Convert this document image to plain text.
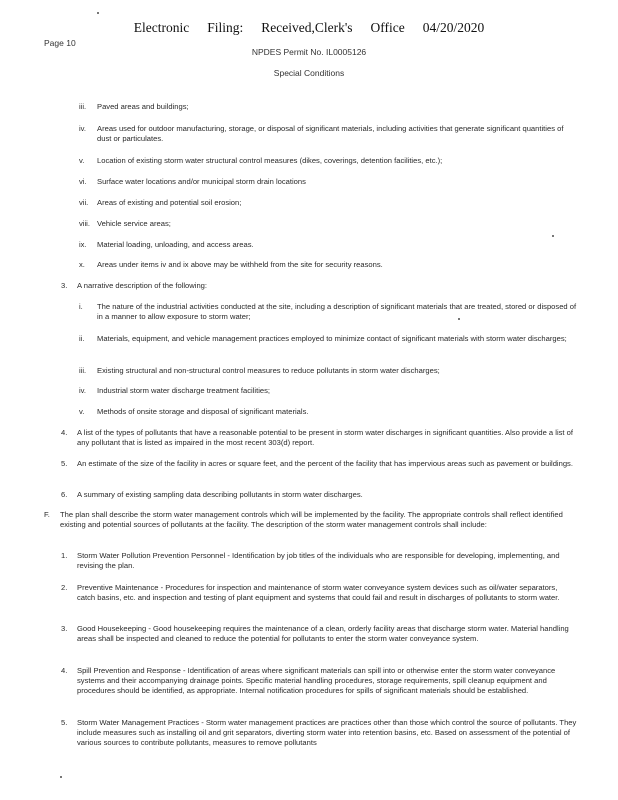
Electronic Filing: Received,Clerk's Office 04/20/2020
Page 10
NPDES Permit No. IL0005126
Special Conditions
iii. Paved areas and buildings;
iv. Areas used for outdoor manufacturing, storage, or disposal of significant materials, including activities that generate significant quantities of dust or particulates.
v. Location of existing storm water structural control measures (dikes, coverings, detention facilities, etc.);
vi. Surface water locations and/or municipal storm drain locations
vii. Areas of existing and potential soil erosion;
viii. Vehicle service areas;
ix. Material loading, unloading, and access areas.
x. Areas under items iv and ix above may be withheld from the site for security reasons.
3. A narrative description of the following:
i. The nature of the industrial activities conducted at the site, including a description of significant materials that are treated, stored or disposed of in a manner to allow exposure to storm water;
ii. Materials, equipment, and vehicle management practices employed to minimize contact of significant materials with storm water discharges;
iii. Existing structural and non-structural control measures to reduce pollutants in storm water discharges;
iv. Industrial storm water discharge treatment facilities;
v. Methods of onsite storage and disposal of significant materials.
4. A list of the types of pollutants that have a reasonable potential to be present in storm water discharges in significant quantities. Also provide a list of any pollutant that is listed as impaired in the most recent 303(d) report.
5. An estimate of the size of the facility in acres or square feet, and the percent of the facility that has impervious areas such as pavement or buildings.
6. A summary of existing sampling data describing pollutants in storm water discharges.
F. The plan shall describe the storm water management controls which will be implemented by the facility. The appropriate controls shall reflect identified existing and potential sources of pollutants at the facility. The description of the storm water management controls shall include:
1. Storm Water Pollution Prevention Personnel - Identification by job titles of the individuals who are responsible for developing, implementing, and revising the plan.
2. Preventive Maintenance - Procedures for inspection and maintenance of storm water conveyance system devices such as oil/water separators, catch basins, etc. and inspection and testing of plant equipment and systems that could fail and result in discharges of pollutants to storm water.
3. Good Housekeeping - Good housekeeping requires the maintenance of a clean, orderly facility areas that discharge storm water. Material handling areas shall be inspected and cleaned to reduce the potential for pollutants to enter the storm water conveyance system.
4. Spill Prevention and Response - Identification of areas where significant materials can spill into or otherwise enter the storm water conveyance systems and their accompanying drainage points. Specific material handling procedures, storage requirements, spill cleanup equipment and procedures should be identified, as appropriate. Internal notification procedures for spills of significant materials should be established.
5. Storm Water Management Practices - Storm water management practices are practices other than those which control the source of pollutants. They include measures such as installing oil and grit separators, diverting storm water into retention basins, etc. Based on assessment of the potential of various sources to contribute pollutants, measures to remove pollutants
